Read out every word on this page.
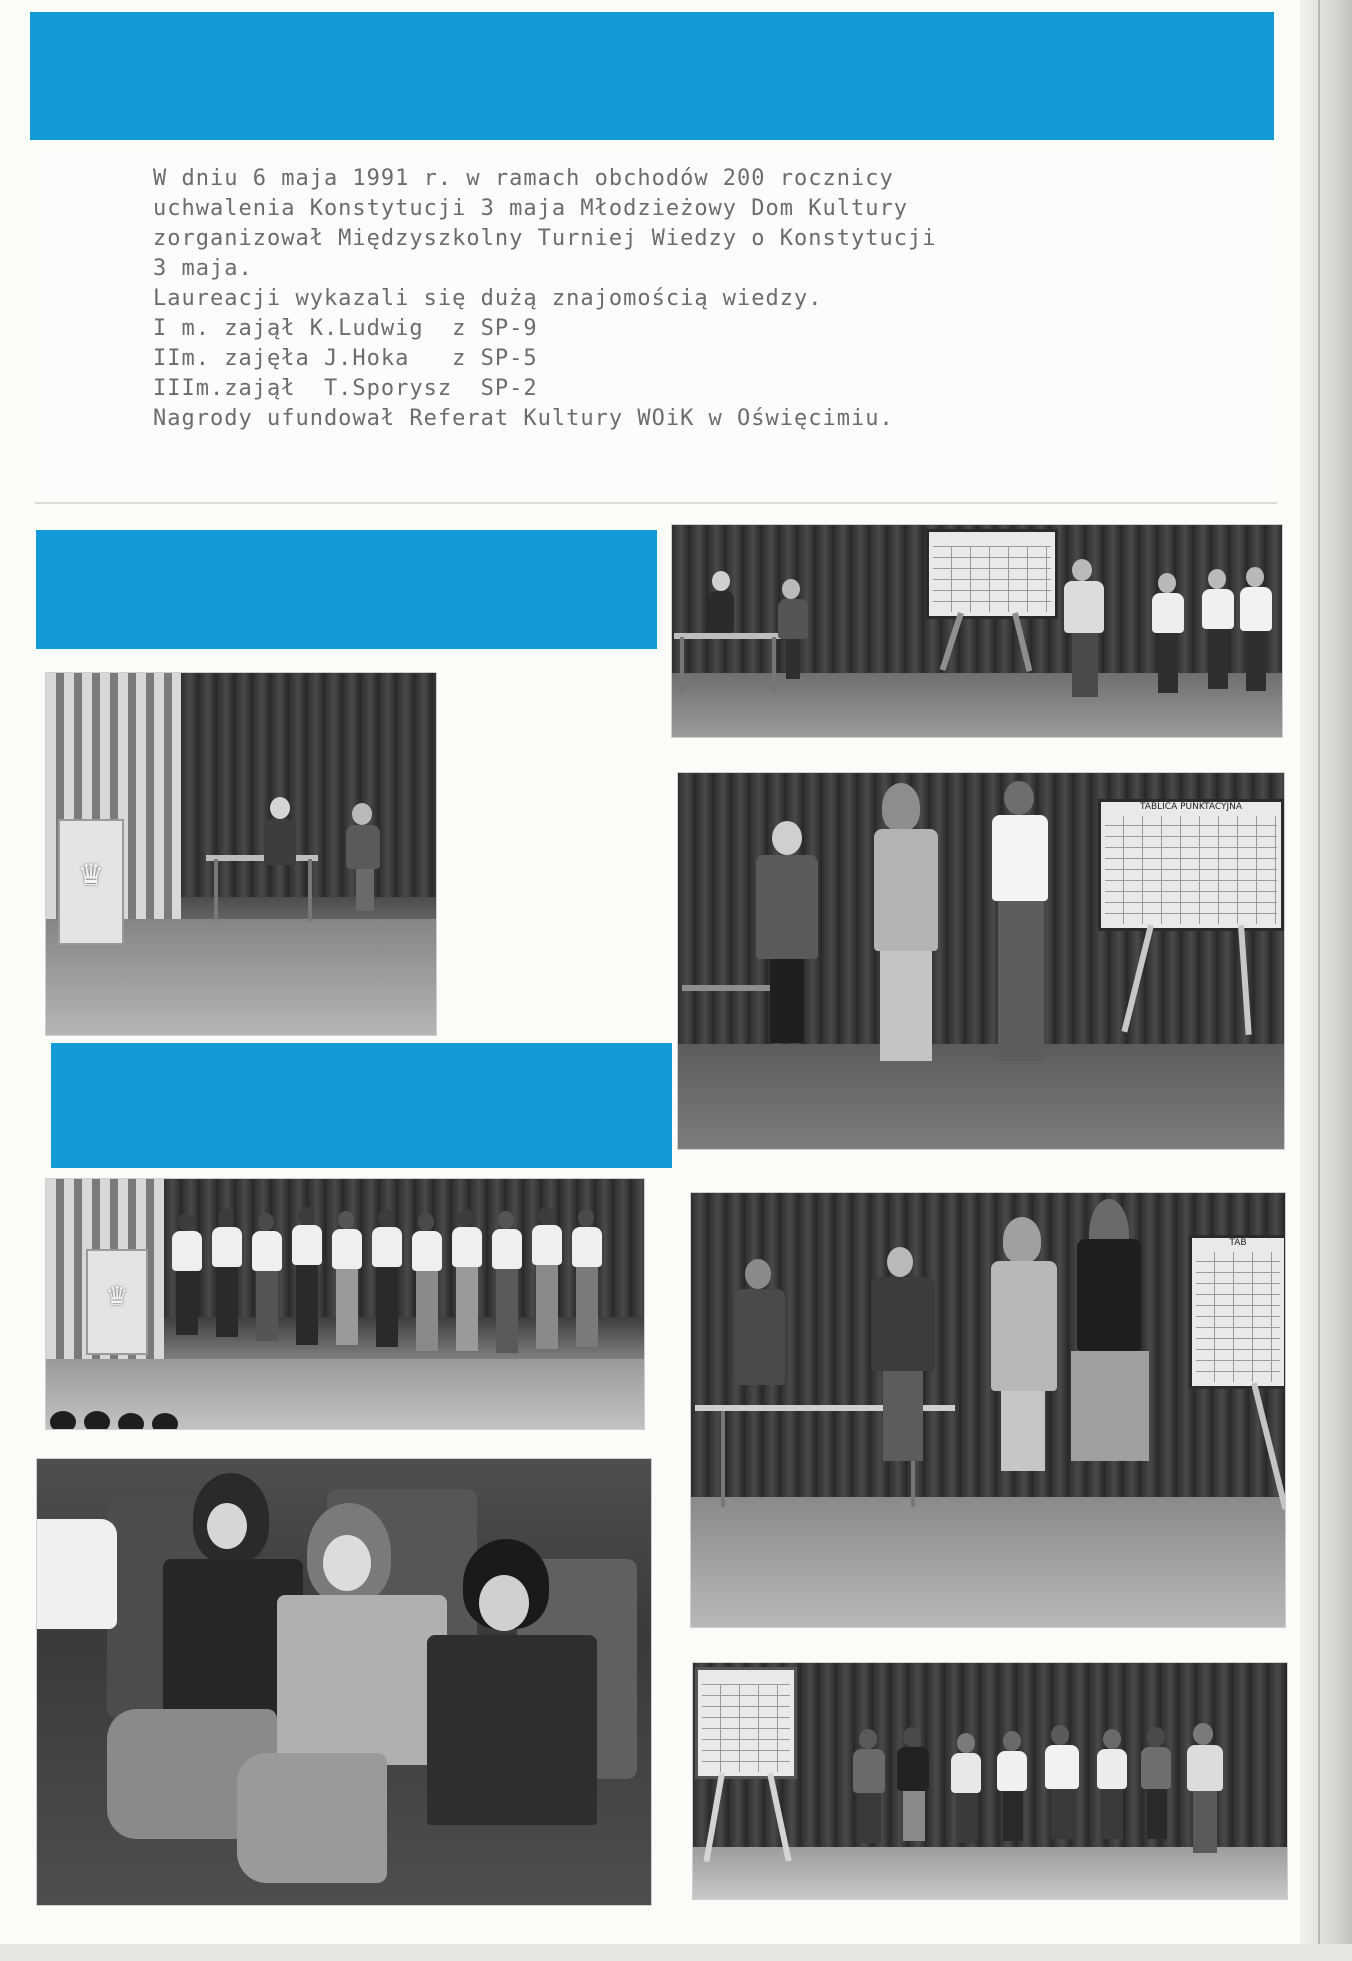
W dniu 6 maja 1991 r. w ramach obchodów 200 rocznicy
uchwalenia Konstytucji 3 maja Młodzieżowy Dom Kultury
zorganizował Międzyszkolny Turniej Wiedzy o Konstytucji
3 maja.
Laureacji wykazali się dużą znajomością wiedzy.
I m. zajął K.Ludwig  z SP-9
IIm. zajęła J.Hoka   z SP-5
IIIm.zajął  T.Sporysz  SP-2
Nagrody ufundował Referat Kultury WOiK w Oświęcimiu.
♛
TABLICA PUNKTACYJNA
♛
TAB
